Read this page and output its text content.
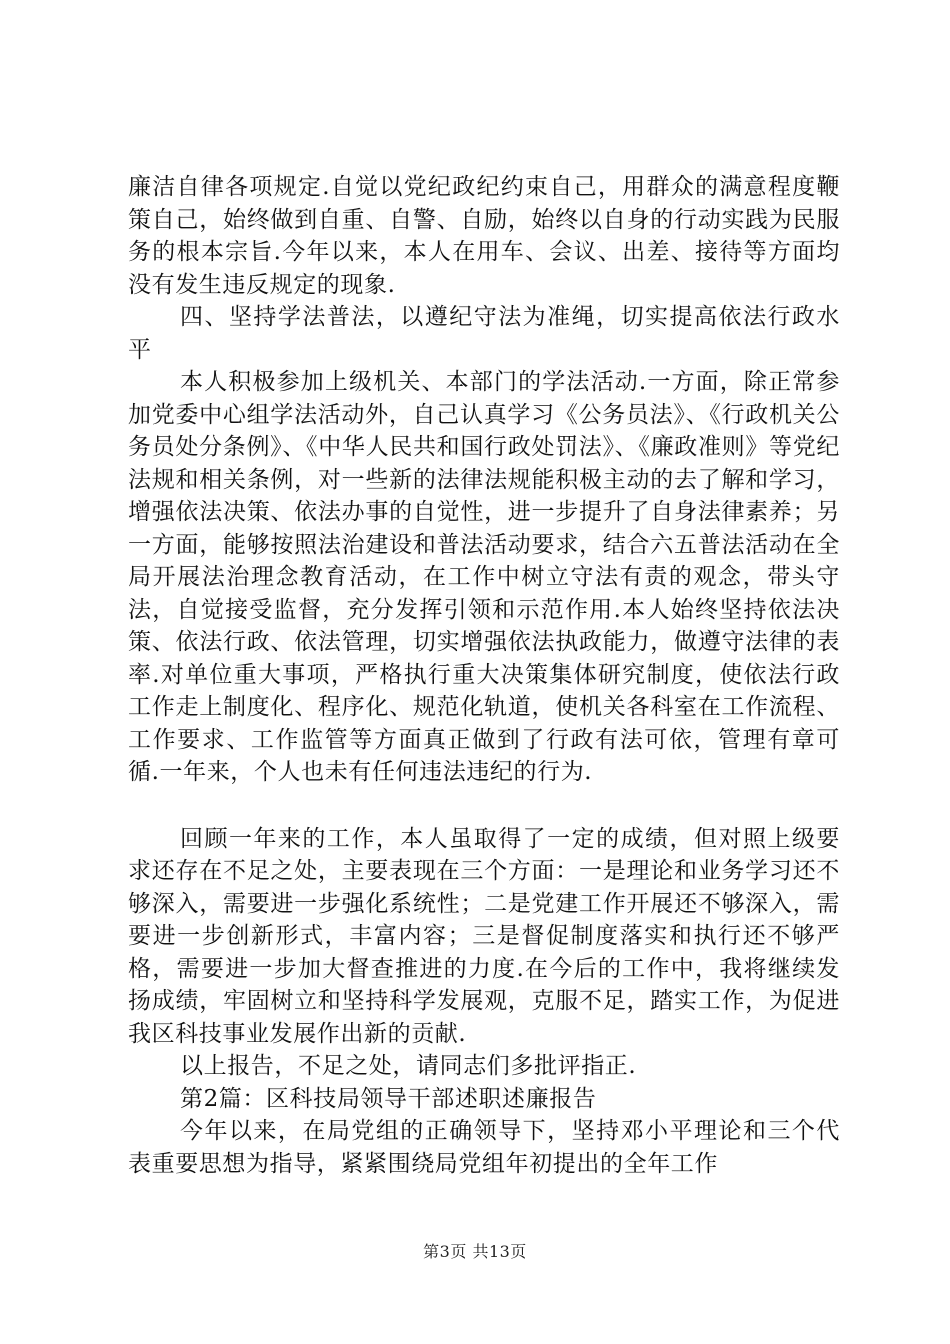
廉洁自律各项规定.自觉以党纪政纪约束自己，用群众的满意程度鞭策自己，始终做到自重、自警、自励，始终以自身的行动实践为民服务的根本宗旨.今年以来，本人在用车、会议、出差、接待等方面均没有发生违反规定的现象.

四、坚持学法普法，以遵纪守法为准绳，切实提高依法行政水平

本人积极参加上级机关、本部门的学法活动.一方面，除正常参加党委中心组学法活动外，自己认真学习《公务员法》、《行政机关公务员处分条例》、《中华人民共和国行政处罚法》、《廉政准则》等党纪法规和相关条例，对一些新的法律法规能积极主动的去了解和学习，增强依法决策、依法办事的自觉性，进一步提升了自身法律素养；另一方面，能够按照法治建设和普法活动要求，结合六五普法活动在全局开展法治理念教育活动，在工作中树立守法有责的观念，带头守法，自觉接受监督，充分发挥引领和示范作用.本人始终坚持依法决策、依法行政、依法管理，切实增强依法执政能力，做遵守法律的表率.对单位重大事项，严格执行重大决策集体研究制度，使依法行政工作走上制度化、程序化、规范化轨道，使机关各科室在工作流程、工作要求、工作监管等方面真正做到了行政有法可依，管理有章可循.一年来，个人也未有任何违法违纪的行为.

回顾一年来的工作，本人虽取得了一定的成绩，但对照上级要求还存在不足之处，主要表现在三个方面：一是理论和业务学习还不够深入，需要进一步强化系统性；二是党建工作开展还不够深入，需要进一步创新形式，丰富内容；三是督促制度落实和执行还不够严格，需要进一步加大督查推进的力度.在今后的工作中，我将继续发扬成绩，牢固树立和坚持科学发展观，克服不足，踏实工作，为促进我区科技事业发展作出新的贡献.

以上报告，不足之处，请同志们多批评指正.

第2篇：区科技局领导干部述职述廉报告

今年以来，在局党组的正确领导下，坚持邓小平理论和三个代表重要思想为指导，紧紧围绕局党组年初提出的全年工作

第3页 共13页
